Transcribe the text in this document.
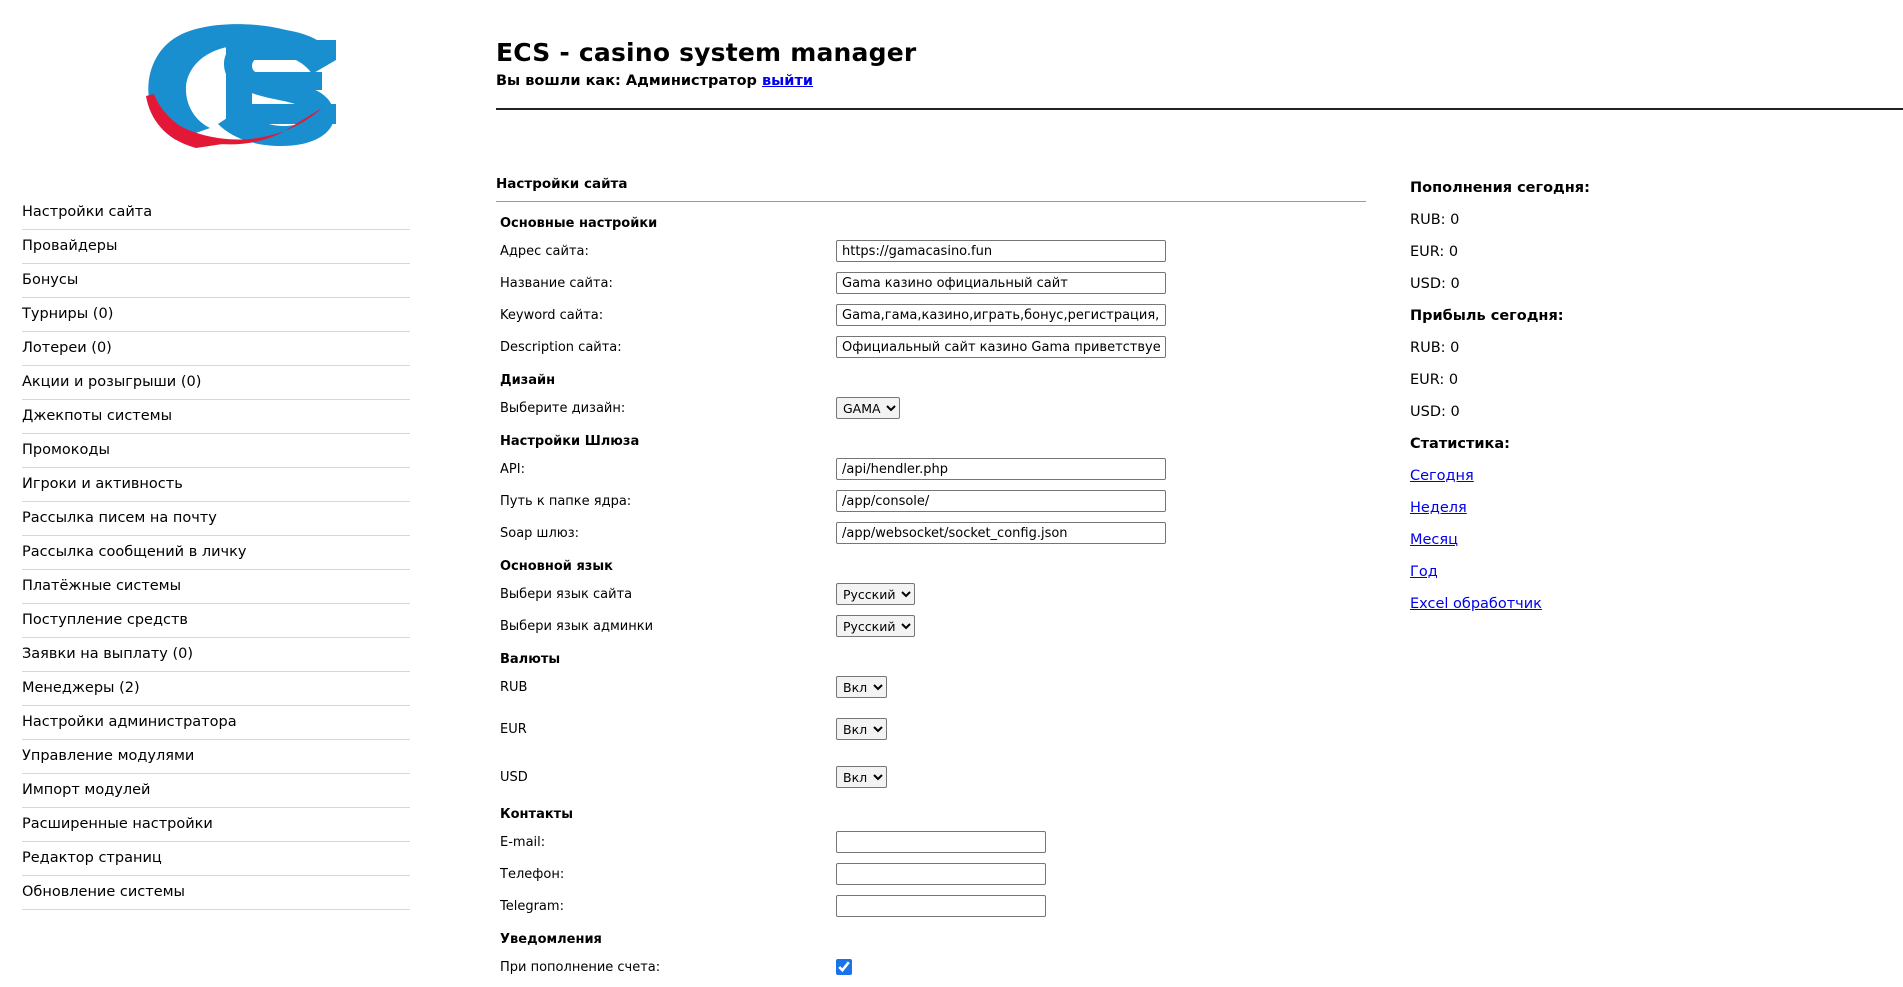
ECS - casino system manager
Вы вошли как: Администратор выйти
Настройки сайта
Провайдеры
Бонусы
Турниры (0)
Лотереи (0)
Акции и розыгрыши (0)
Джекпоты системы
Промокоды
Игроки и активность
Рассылка писем на почту
Рассылка сообщений в личку
Платёжные системы
Поступление средств
Заявки на выплату (0)
Менеджеры (2)
Настройки администратора
Управление модулями
Импорт модулей
Расширенные настройки
Редактор страниц
Обновление системы
Настройки сайта
Основные настройки
Адрес сайта:
https://gamacasino.fun
Название сайта:
Gama казино официальный сайт
Keyword сайта:
Gama,гама,казино,играть,бонус,регистрация,вход,рул
Description сайта:
Официальный сайт казино Gama приветствует всех иг
Дизайн
Выберите дизайн:
GAMA
Настройки Шлюза
API:
/api/hendler.php
Путь к папке ядра:
/app/console/
Soap шлюз:
/app/websocket/socket_config.json
Основной язык
Выбери язык сайта
Русский
Выбери язык админки
Русский
Валюты
RUB
Вкл
EUR
Вкл
USD
Вкл
Контакты
E-mail:
Телефон:
Telegram:
Уведомления
При пополнение счета:
Пополнения сегодня:
RUB: 0
EUR: 0
USD: 0
Прибыль сегодня:
RUB: 0
EUR: 0
USD: 0
Статистика:
Сегодня
Неделя
Месяц
Год
Excel обработчик
